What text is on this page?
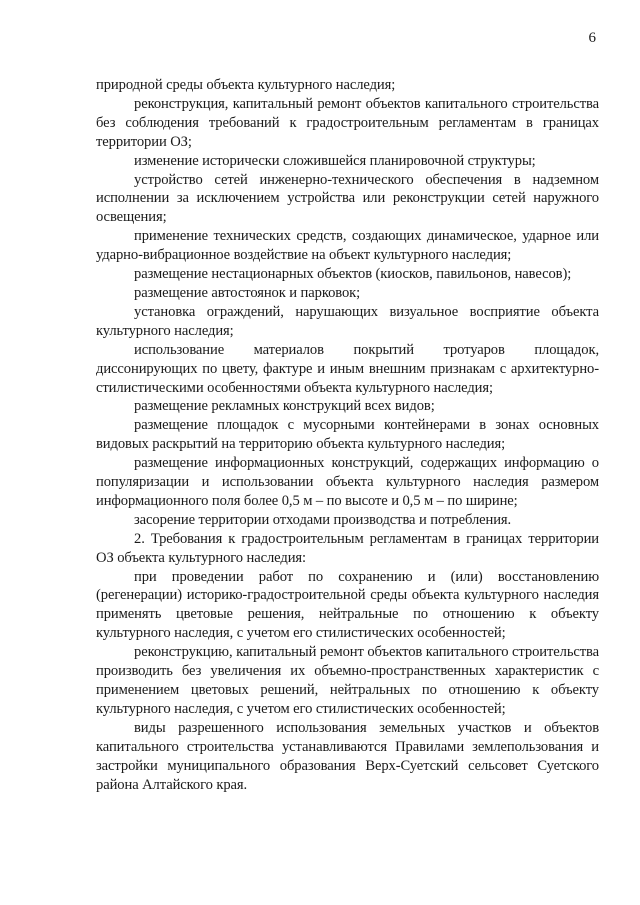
6

природной среды объекта культурного наследия;

реконструкция, капитальный ремонт объектов капитального строительства без соблюдения требований к градостроительным регламентам в границах территории ОЗ;

изменение исторически сложившейся планировочной структуры;

устройство сетей инженерно-технического обеспечения в надземном исполнении за исключением устройства или реконструкции сетей наружного освещения;

применение технических средств, создающих динамическое, ударное или ударно-вибрационное воздействие на объект культурного наследия;

размещение нестационарных объектов (киосков, павильонов, навесов);

размещение автостоянок и парковок;

установка ограждений, нарушающих визуальное восприятие объекта культурного наследия;

использование материалов покрытий тротуаров площадок, диссонирующих по цвету, фактуре и иным внешним признакам с архитектурно-стилистическими особенностями объекта культурного наследия;

размещение рекламных конструкций всех видов;

размещение площадок с мусорными контейнерами в зонах основных видовых раскрытий на территорию объекта культурного наследия;

размещение информационных конструкций, содержащих информацию о популяризации и использовании объекта культурного наследия размером информационного поля более 0,5 м – по высоте и 0,5 м – по ширине;

засорение территории отходами производства и потребления.

2. Требования к градостроительным регламентам в границах территории ОЗ объекта культурного наследия:

при проведении работ по сохранению и (или) восстановлению (регенерации) историко-градостроительной среды объекта культурного наследия применять цветовые решения, нейтральные по отношению к объекту культурного наследия, с учетом его стилистических особенностей;

реконструкцию, капитальный ремонт объектов капитального строительства производить без увеличения их объемно-пространственных характеристик с применением цветовых решений, нейтральных по отношению к объекту культурного наследия, с учетом его стилистических особенностей;

виды разрешенного использования земельных участков и объектов капитального строительства устанавливаются Правилами землепользования и застройки муниципального образования Верх-Суетский сельсовет Суетского района Алтайского края.
